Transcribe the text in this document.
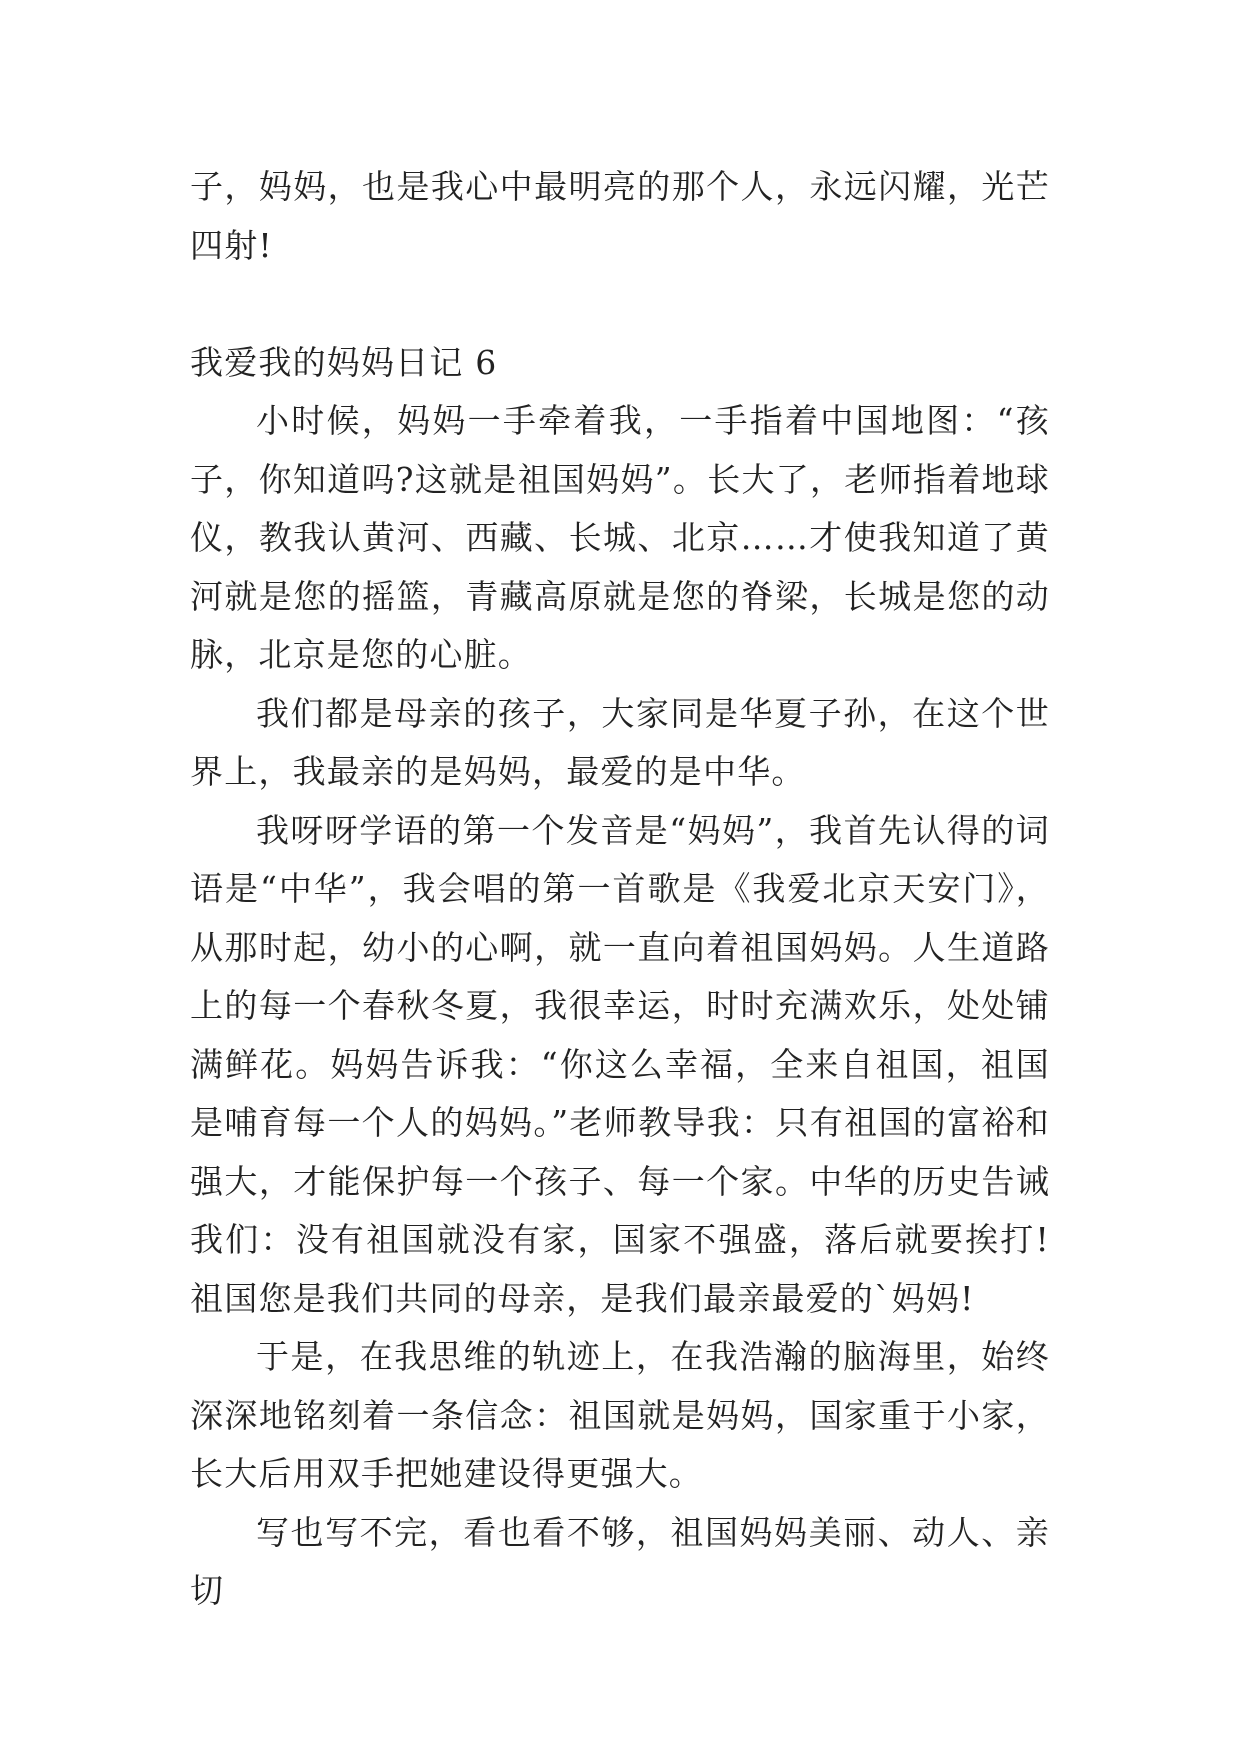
子，妈妈，也是我心中最明亮的那个人，永远闪耀，光芒四射!

我爱我的妈妈日记 6

小时候，妈妈一手牵着我，一手指着中国地图：“孩子，你知道吗?这就是祖国妈妈”。长大了，老师指着地球仪，教我认黄河、西藏、长城、北京……才使我知道了黄河就是您的摇篮，青藏高原就是您的脊梁，长城是您的动脉，北京是您的心脏。

我们都是母亲的孩子，大家同是华夏子孙，在这个世界上，我最亲的是妈妈，最爱的是中华。

我呀呀学语的第一个发音是“妈妈”，我首先认得的词语是“中华”，我会唱的第一首歌是《我爱北京天安门》，从那时起，幼小的心啊，就一直向着祖国妈妈。人生道路上的每一个春秋冬夏，我很幸运，时时充满欢乐，处处铺满鲜花。妈妈告诉我：“你这么幸福，全来自祖国，祖国是哺育每一个人的妈妈。”老师教导我：只有祖国的富裕和强大，才能保护每一个孩子、每一个家。中华的历史告诫我们：没有祖国就没有家，国家不强盛，落后就要挨打!祖国您是我们共同的母亲，是我们最亲最爱的`妈妈!

于是，在我思维的轨迹上，在我浩瀚的脑海里，始终深深地铭刻着一条信念：祖国就是妈妈，国家重于小家，长大后用双手把她建设得更强大。

写也写不完，看也看不够，祖国妈妈美丽、动人、亲切
